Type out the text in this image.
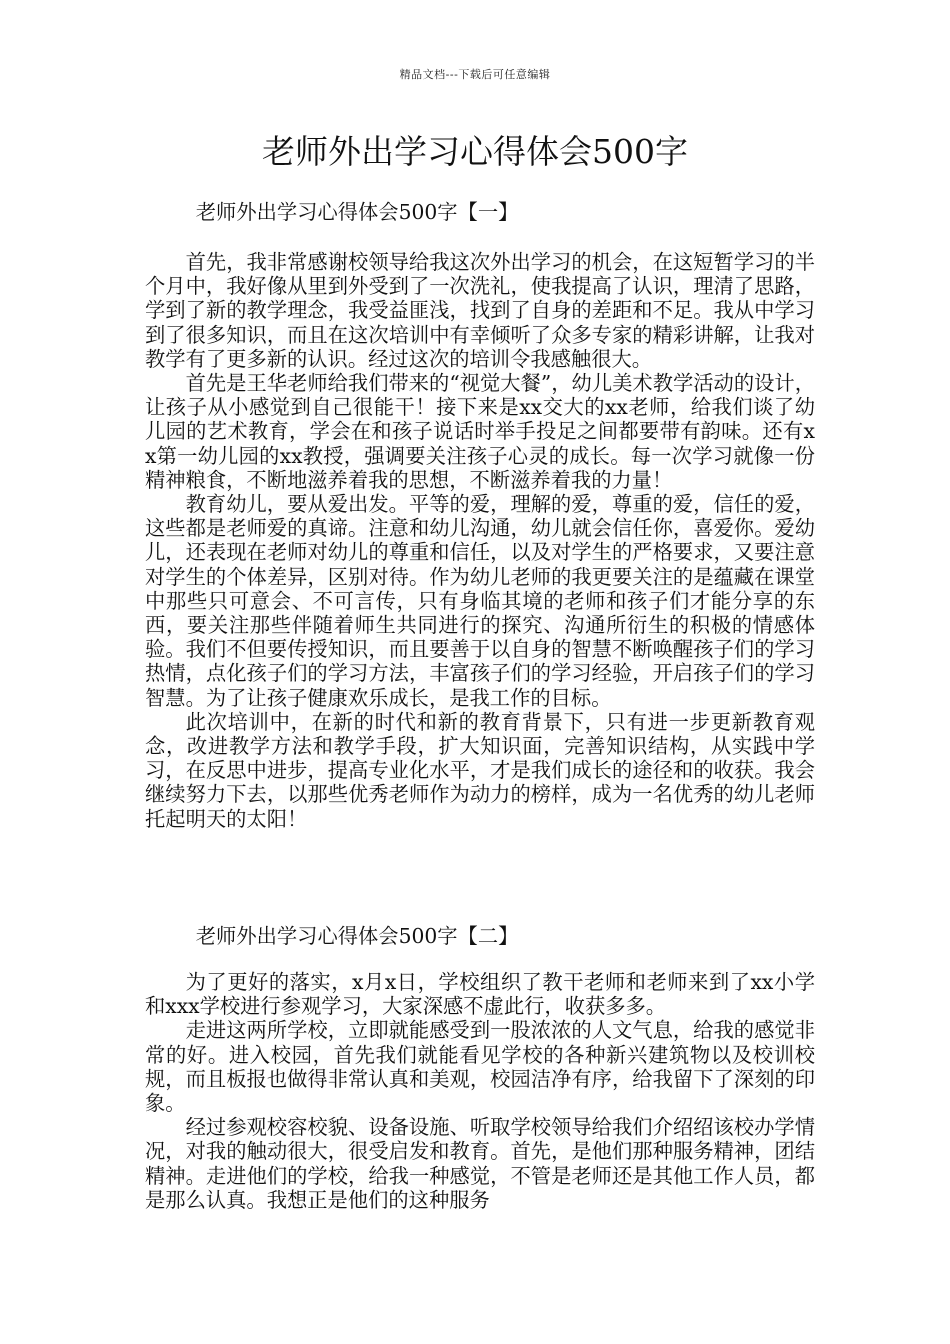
精品文档---下载后可任意编辑
老师外出学习心得体会500字
老师外出学习心得体会500字【一】

首先，我非常感谢校领导给我这次外出学习的机会，在这短暂学习的半个月中，我好像从里到外受到了一次洗礼，使我提高了认识，理清了思路，学到了新的教学理念，我受益匪浅，找到了自身的差距和不足。我从中学习到了很多知识，而且在这次培训中有幸倾听了众多专家的精彩讲解，让我对教学有了更多新的认识。经过这次的培训令我感触很大。

首先是王华老师给我们带来的“视觉大餐”，幼儿美术教学活动的设计，让孩子从小感觉到自己很能干！接下来是xx交大的xx老师，给我们谈了幼儿园的艺术教育，学会在和孩子说话时举手投足之间都要带有韵味。还有xx第一幼儿园的xx教授，强调要关注孩子心灵的成长。每一次学习就像一份精神粮食，不断地滋养着我的思想，不断滋养着我的力量！

教育幼儿，要从爱出发。平等的爱，理解的爱，尊重的爱，信任的爱，这些都是老师爱的真谛。注意和幼儿沟通，幼儿就会信任你，喜爱你。爱幼儿，还表现在老师对幼儿的尊重和信任，以及对学生的严格要求，又要注意对学生的个体差异，区别对待。作为幼儿老师的我更要关注的是蕴藏在课堂中那些只可意会、不可言传，只有身临其境的老师和孩子们才能分享的东西，要关注那些伴随着师生共同进行的探究、沟通所衍生的积极的情感体验。我们不但要传授知识，而且要善于以自身的智慧不断唤醒孩子们的学习热情，点化孩子们的学习方法，丰富孩子们的学习经验，开启孩子们的学习智慧。为了让孩子健康欢乐成长，是我工作的目标。

此次培训中，在新的时代和新的教育背景下，只有进一步更新教育观念，改进教学方法和教学手段，扩大知识面，完善知识结构，从实践中学习，在反思中进步，提高专业化水平，才是我们成长的途径和的收获。我会继续努力下去，以那些优秀老师作为动力的榜样，成为一名优秀的幼儿老师托起明天的太阳！

老师外出学习心得体会500字【二】

为了更好的落实，x月x日，学校组织了教干老师和老师来到了xx小学和xxx学校进行参观学习，大家深感不虚此行，收获多多。

走进这两所学校，立即就能感受到一股浓浓的人文气息，给我的感觉非常的好。进入校园，首先我们就能看见学校的各种新兴建筑物以及校训校规，而且板报也做得非常认真和美观，校园洁净有序，给我留下了深刻的印象。

经过参观校容校貌、设备设施、听取学校领导给我们介绍绍该校办学情况，对我的触动很大，很受启发和教育。首先，是他们那种服务精神，团结精神。走进他们的学校，给我一种感觉，不管是老师还是其他工作人员，都是那么认真。我想正是他们的这种服务
